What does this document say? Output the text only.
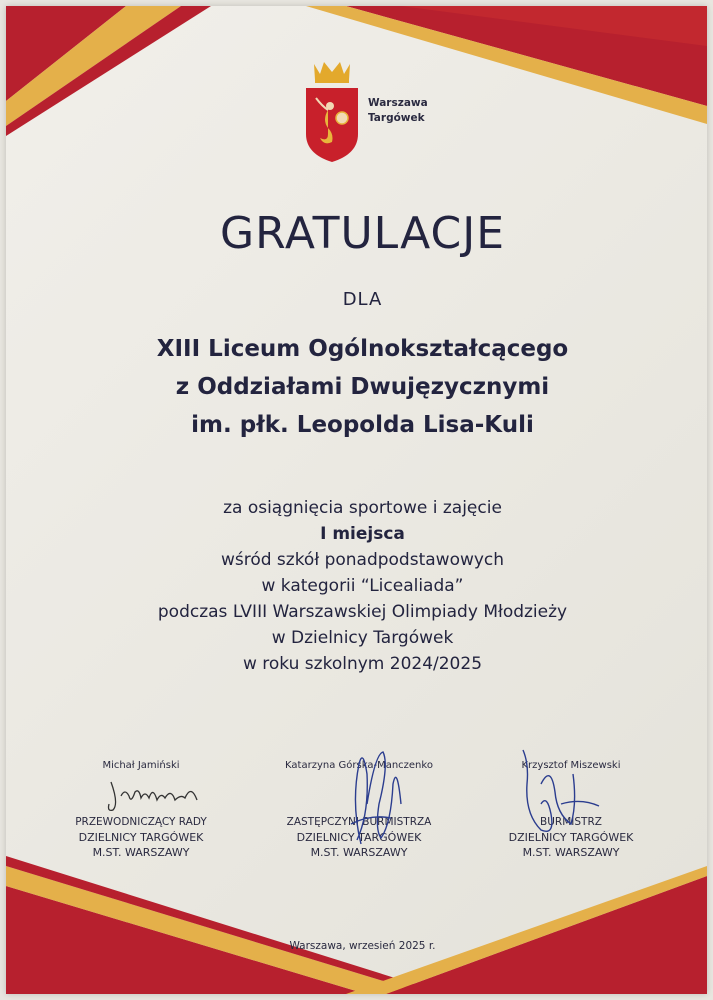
Warszawa
Targówek
GRATULACJE
DLA
XIII Liceum Ogólnokształcącego
z Oddziałami Dwujęzycznymi
im. płk. Leopolda Lisa-Kuli
za osiągnięcia sportowe i zajęcie
I miejsca
wśród szkół ponadpodstawowych
w kategorii “Licealiada”
podczas LVIII Warszawskiej Olimpiady Młodzieży
w Dzielnicy Targówek
w roku szkolnym 2024/2025
Michał Jamiński
PRZEWODNICZĄCY RADY
DZIELNICY TARGÓWEK
M.ST. WARSZAWY
Katarzyna Górska-Manczenko
ZASTĘPCZYNI BURMISTRZA
DZIELNICY TARGÓWEK
M.ST. WARSZAWY
Krzysztof Miszewski
BURMISTRZ
DZIELNICY TARGÓWEK
M.ST. WARSZAWY
Warszawa, wrzesień 2025 r.
